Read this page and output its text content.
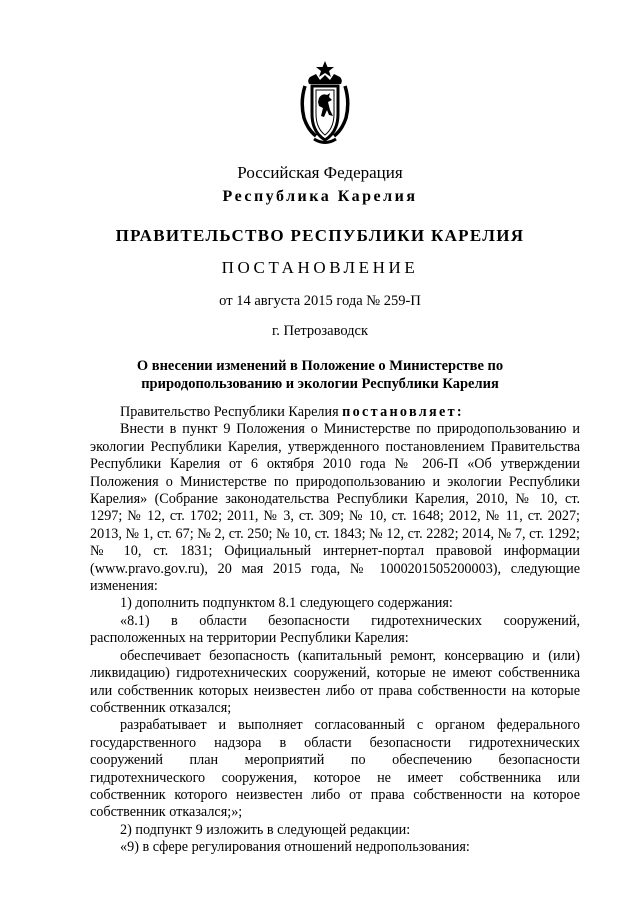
Российская Федерация
Республика Карелия
ПРАВИТЕЛЬСТВО РЕСПУБЛИКИ КАРЕЛИЯ
ПОСТАНОВЛЕНИЕ
от 14 августа 2015 года № 259-П
г. Петрозаводск
О внесении изменений в Положение о Министерстве по
природопользованию и экологии Республики Карелия

Правительство Республики Карелия постановляет:

Внести в пункт 9 Положения о Министерстве по природопользованию и экологии Республики Карелия, утвержденного постановлением Правительства Республики Карелия от 6 октября 2010 года № 206-П «Об утверждении Положения о Министерстве по природопользованию и экологии Республики Карелия» (Собрание законодательства Республики Карелия, 2010, № 10, ст. 1297; № 12, ст. 1702; 2011, № 3, ст. 309; № 10, ст. 1648; 2012, № 11, ст. 2027; 2013, № 1, ст. 67; № 2, ст. 250; № 10, ст. 1843; № 12, ст. 2282; 2014, № 7, ст. 1292; № 10, ст. 1831; Официальный интернет-портал правовой информации (www.pravo.gov.ru), 20 мая 2015 года, № 1000201505200003), следующие изменения:

1) дополнить подпунктом 8.1 следующего содержания:

«8.1) в области безопасности гидротехнических сооружений, расположенных на территории Республики Карелия:

обеспечивает безопасность (капитальный ремонт, консервацию и (или) ликвидацию) гидротехнических сооружений, которые не имеют собственника или собственник которых неизвестен либо от права собственности на которые собственник отказался;

разрабатывает и выполняет согласованный с органом федерального государственного надзора в области безопасности гидротехнических сооружений план мероприятий по обеспечению безопасности гидротехнического сооружения, которое не имеет собственника или собственник которого неизвестен либо от права собственности на которое собственник отказался;»;

2) подпункт 9 изложить в следующей редакции:

«9) в сфере регулирования отношений недропользования:
